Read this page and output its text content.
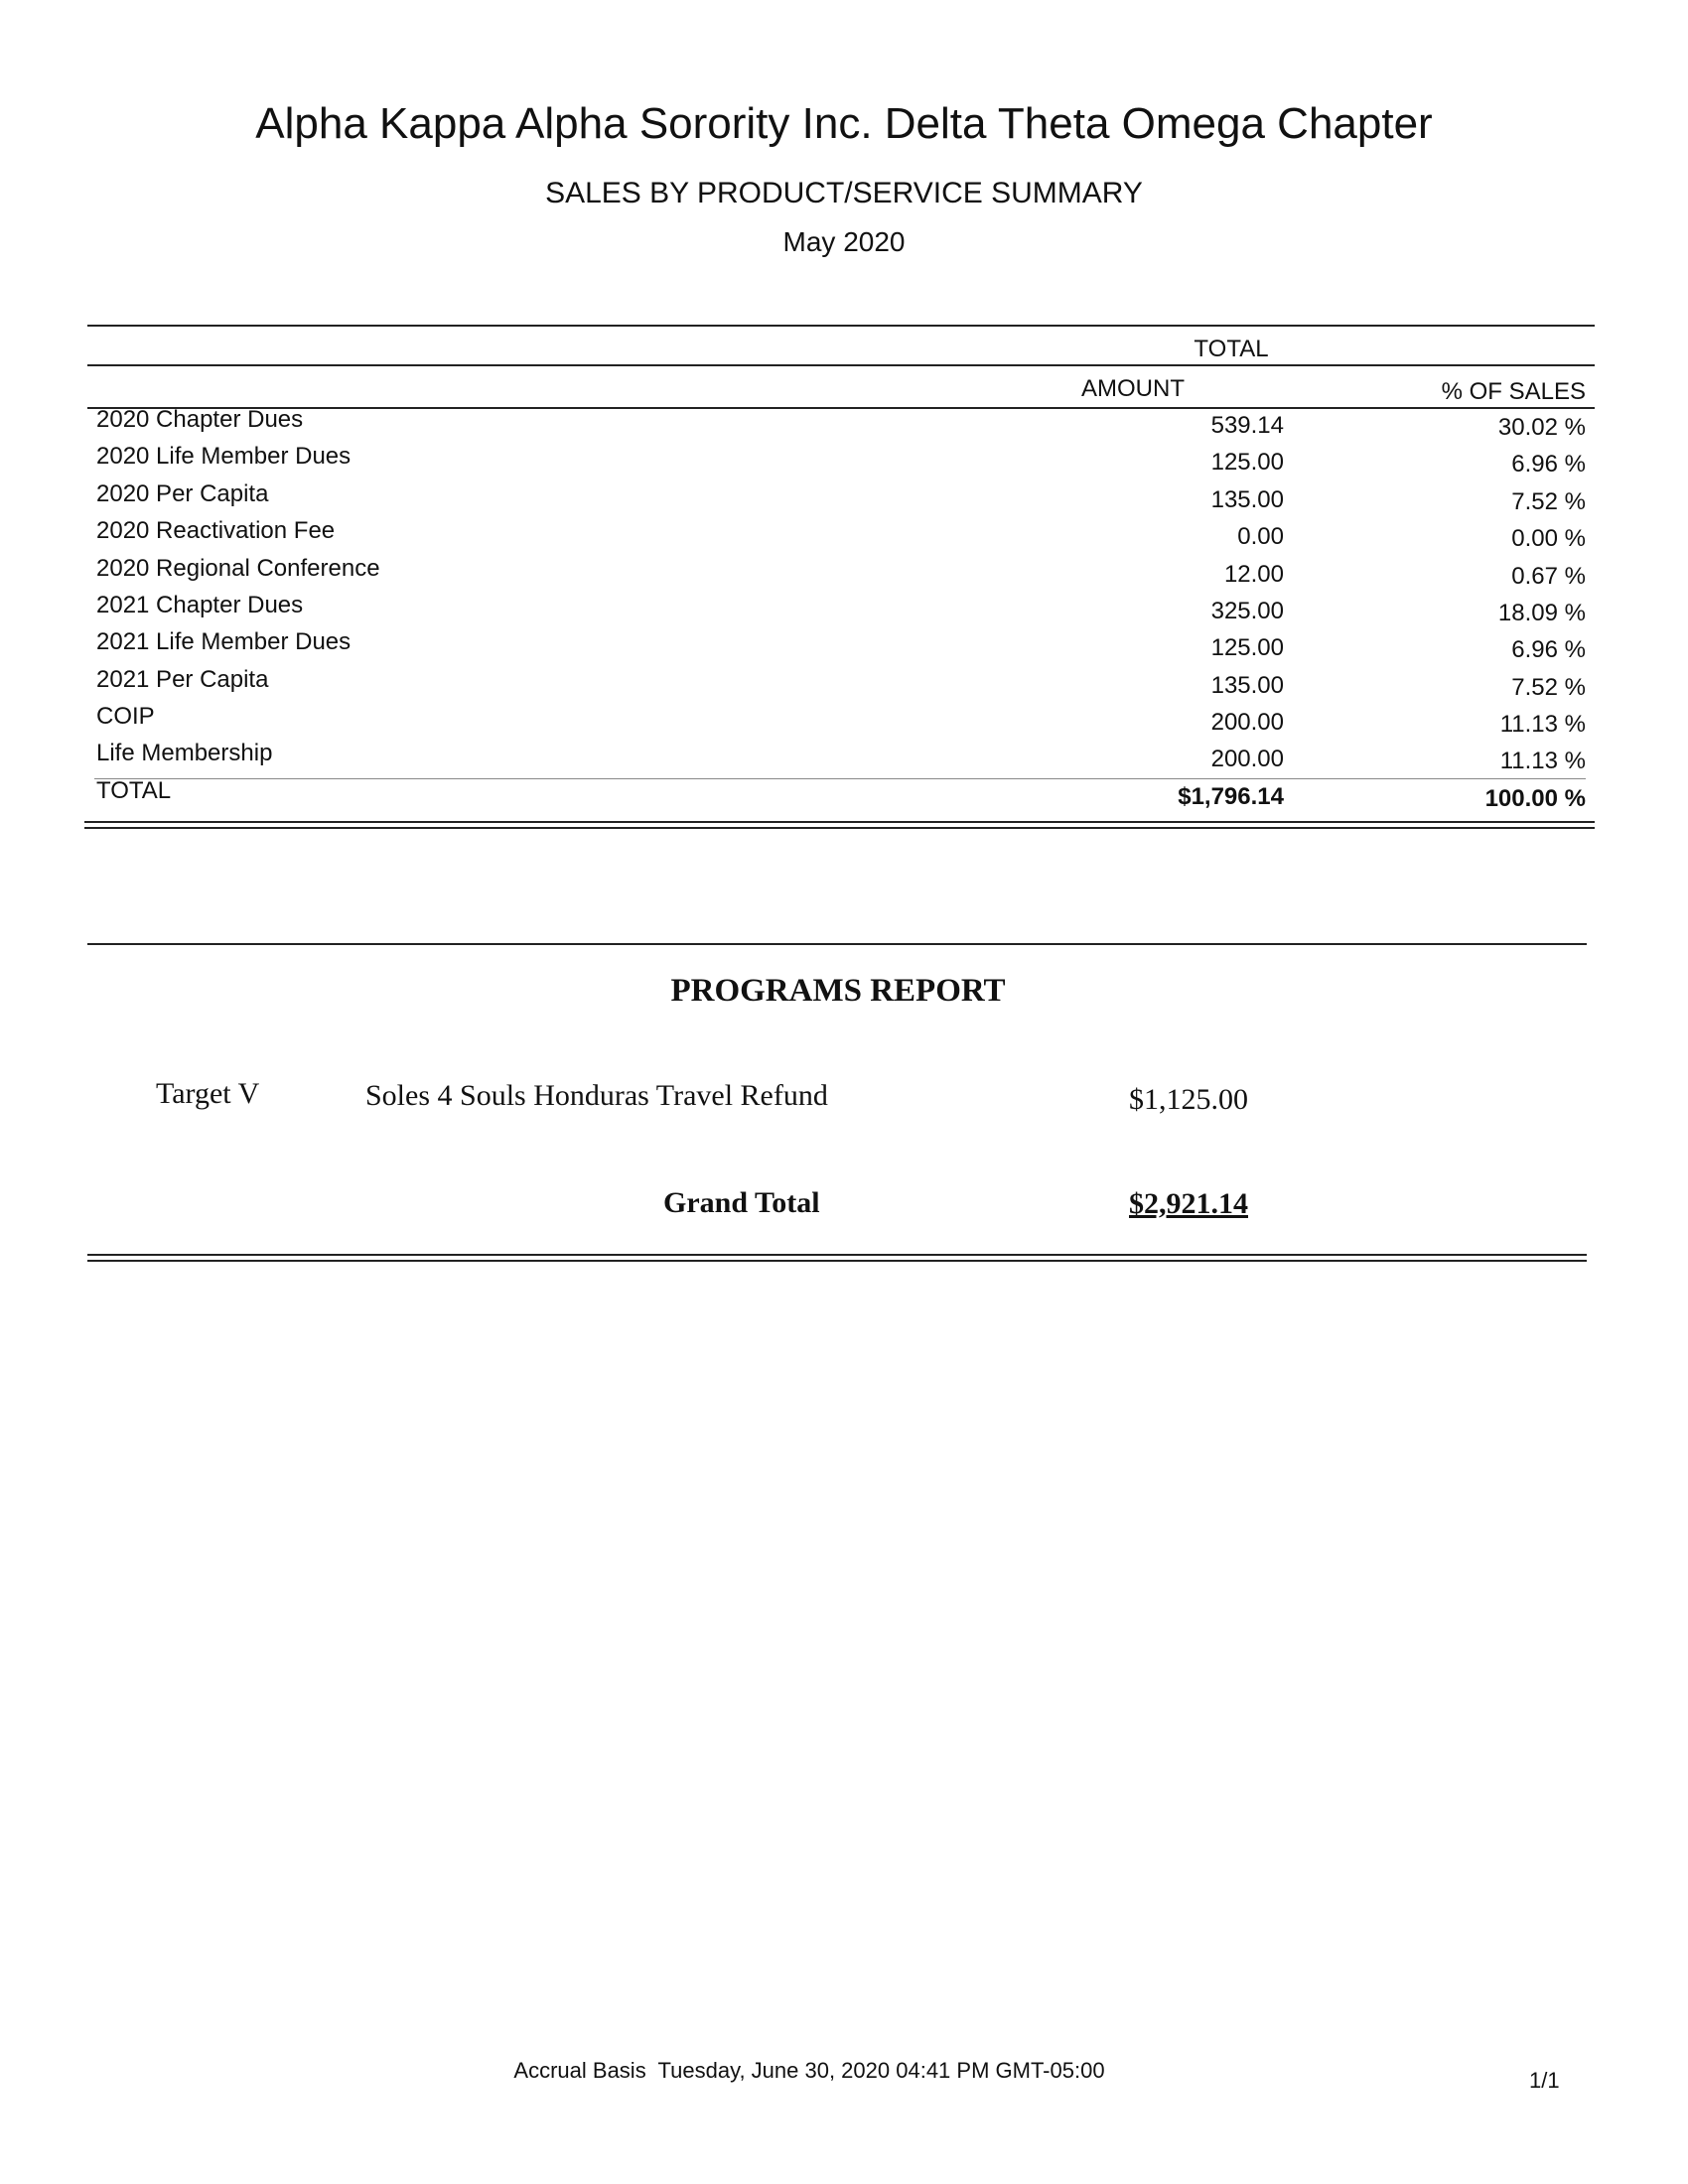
Alpha Kappa Alpha Sorority Inc. Delta Theta Omega Chapter
SALES BY PRODUCT/SERVICE SUMMARY
May 2020
TOTAL
AMOUNT	% OF SALES
2020 Chapter Dues	539.14	30.02 %
2020 Life Member Dues	125.00	6.96 %
2020 Per Capita	135.00	7.52 %
2020 Reactivation Fee	0.00	0.00 %
2020 Regional Conference	12.00	0.67 %
2021 Chapter Dues	325.00	18.09 %
2021 Life Member Dues	125.00	6.96 %
2021 Per Capita	135.00	7.52 %
COIP	200.00	11.13 %
Life Membership	200.00	11.13 %
TOTAL	$1,796.14	100.00 %
PROGRAMS REPORT
Target V	Soles 4 Souls Honduras Travel Refund	$1,125.00
Grand Total	$2,921.14
Accrual Basis  Tuesday, June 30, 2020 04:41 PM GMT-05:00	1/1
